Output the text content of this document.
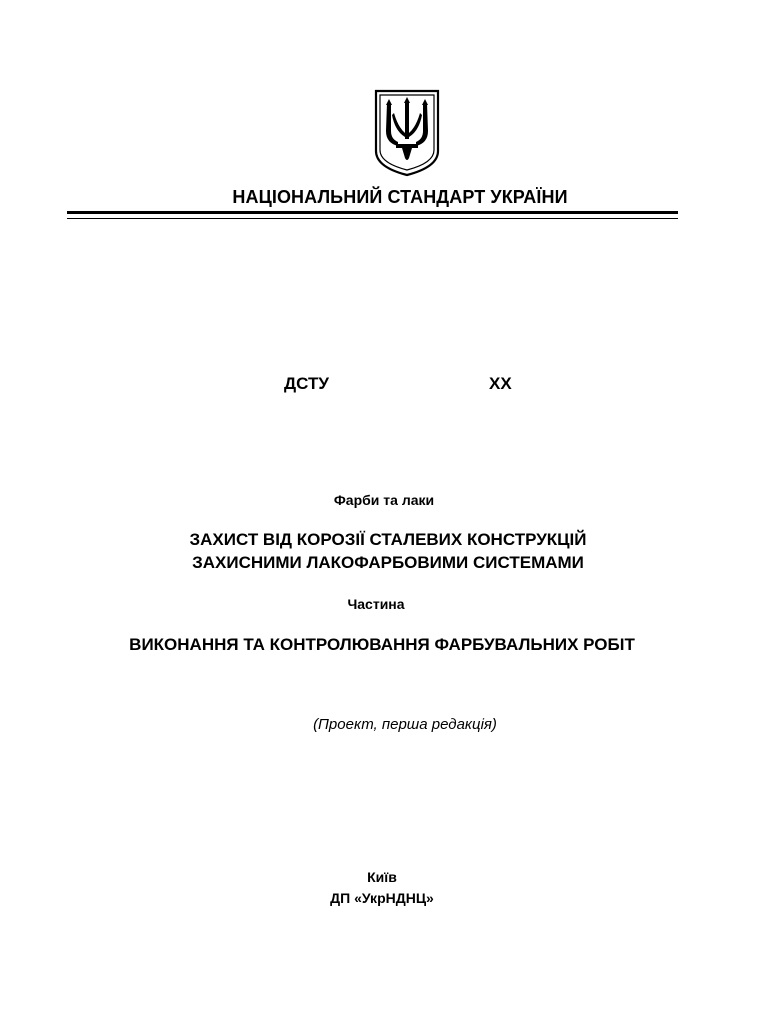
НАЦІОНАЛЬНИЙ СТАНДАРТ УКРАЇНИ
ДСТУ	XX
Фарби та лаки
ЗАХИСТ ВІД КОРОЗІЇ СТАЛЕВИХ КОНСТРУКЦІЙ
ЗАХИСНИМИ ЛАКОФАРБОВИМИ СИСТЕМАМИ
Частина
ВИКОНАННЯ ТА КОНТРОЛЮВАННЯ ФАРБУВАЛЬНИХ РОБІТ
(Проект, перша редакція)
Київ
ДП «УкрНДНЦ»
